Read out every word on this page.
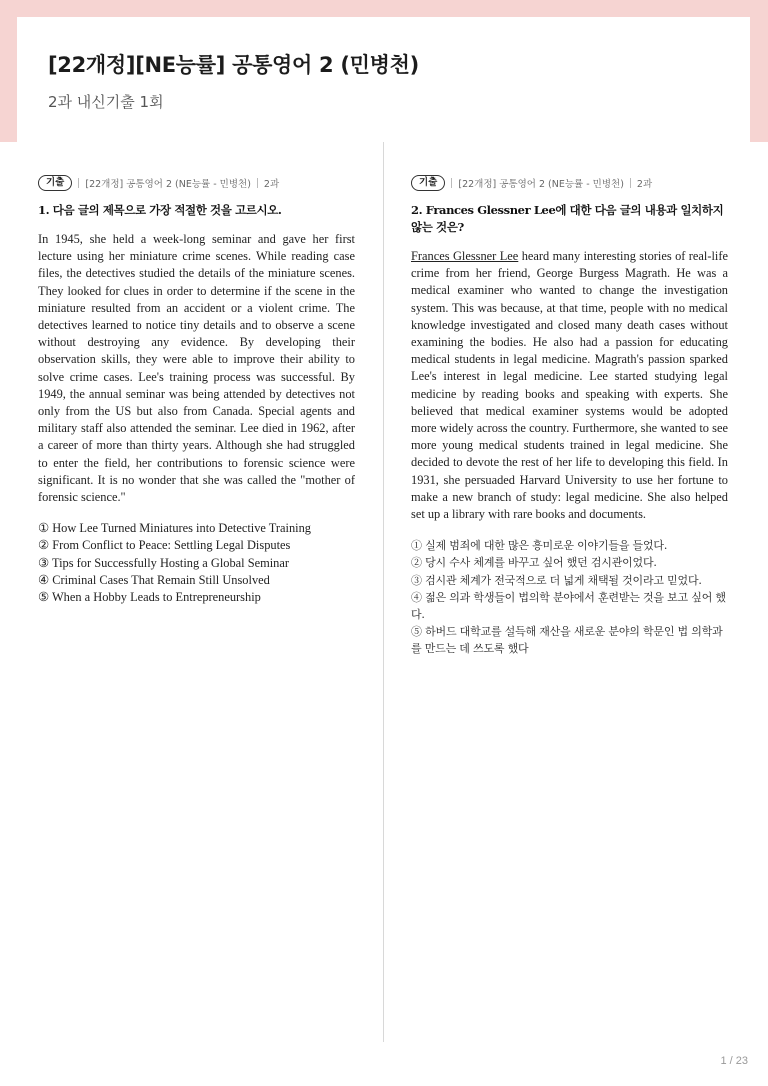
[22개정][NE능률] 공통영어 2 (민병천)

2과 내신기출 1회

기출	[22개정] 공통영어 2 (NE능률 - 민병천) 2과

1. 다음 글의 제목으로 가장 적절한 것을 고르시오.

In 1945, she held a week-long seminar and gave her first lecture using her miniature crime scenes. While reading case files, the detectives studied the details of the miniature scenes. They looked for clues in order to determine if the scene in the miniature resulted from an accident or a violent crime. The detectives learned to notice tiny details and to observe a scene without destroying any evidence. By developing their observation skills, they were able to improve their ability to solve crime cases. Lee's training process was successful. By 1949, the annual seminar was being attended by detectives not only from the US but also from Canada. Special agents and military staff also attended the seminar. Lee died in 1962, after a career of more than thirty years. Although she had struggled to enter the field, her contributions to forensic science were significant. It is no wonder that she was called the "mother of forensic science."

① How Lee Turned Miniatures into Detective Training
② From Conflict to Peace: Settling Legal Disputes
③ Tips for Successfully Hosting a Global Seminar
④ Criminal Cases That Remain Still Unsolved
⑤ When a Hobby Leads to Entrepreneurship
기출	[22개정] 공통영어 2 (NE능률 - 민병천) 2과

2. Frances Glessner Lee에 대한 다음 글의 내용과 일치하지 않는 것은?

Frances Glessner Lee heard many interesting stories of real-life crime from her friend, George Burgess Magrath. He was a medical examiner who wanted to change the investigation system. This was because, at that time, people with no medical knowledge investigated and closed many death cases without examining the bodies. He also had a passion for educating medical students in legal medicine. Magrath's passion sparked Lee's interest in legal medicine. Lee started studying legal medicine by reading books and speaking with experts. She believed that medical examiner systems would be adopted more widely across the country. Furthermore, she wanted to see more young medical students trained in legal medicine. She decided to devote the rest of her life to developing this field. In 1931, she persuaded Harvard University to use her fortune to make a new branch of study: legal medicine. She also helped set up a library with rare books and documents.

① 실제 범죄에 대한 많은 흥미로운 이야기들을 들었다.
② 당시 수사 체계를 바꾸고 싶어 했던 검시관이었다.
③ 검시관 체계가 전국적으로 더 넓게 채택될 것이라고 믿었다.
④ 젊은 의과 학생들이 법의학 분야에서 훈련받는 것을 보고 싶어 했다.
⑤ 하버드 대학교를 설득해 재산을 새로운 분야의 학문인 법 의학과를 만드는 데 쓰도록 했다
1 / 23
